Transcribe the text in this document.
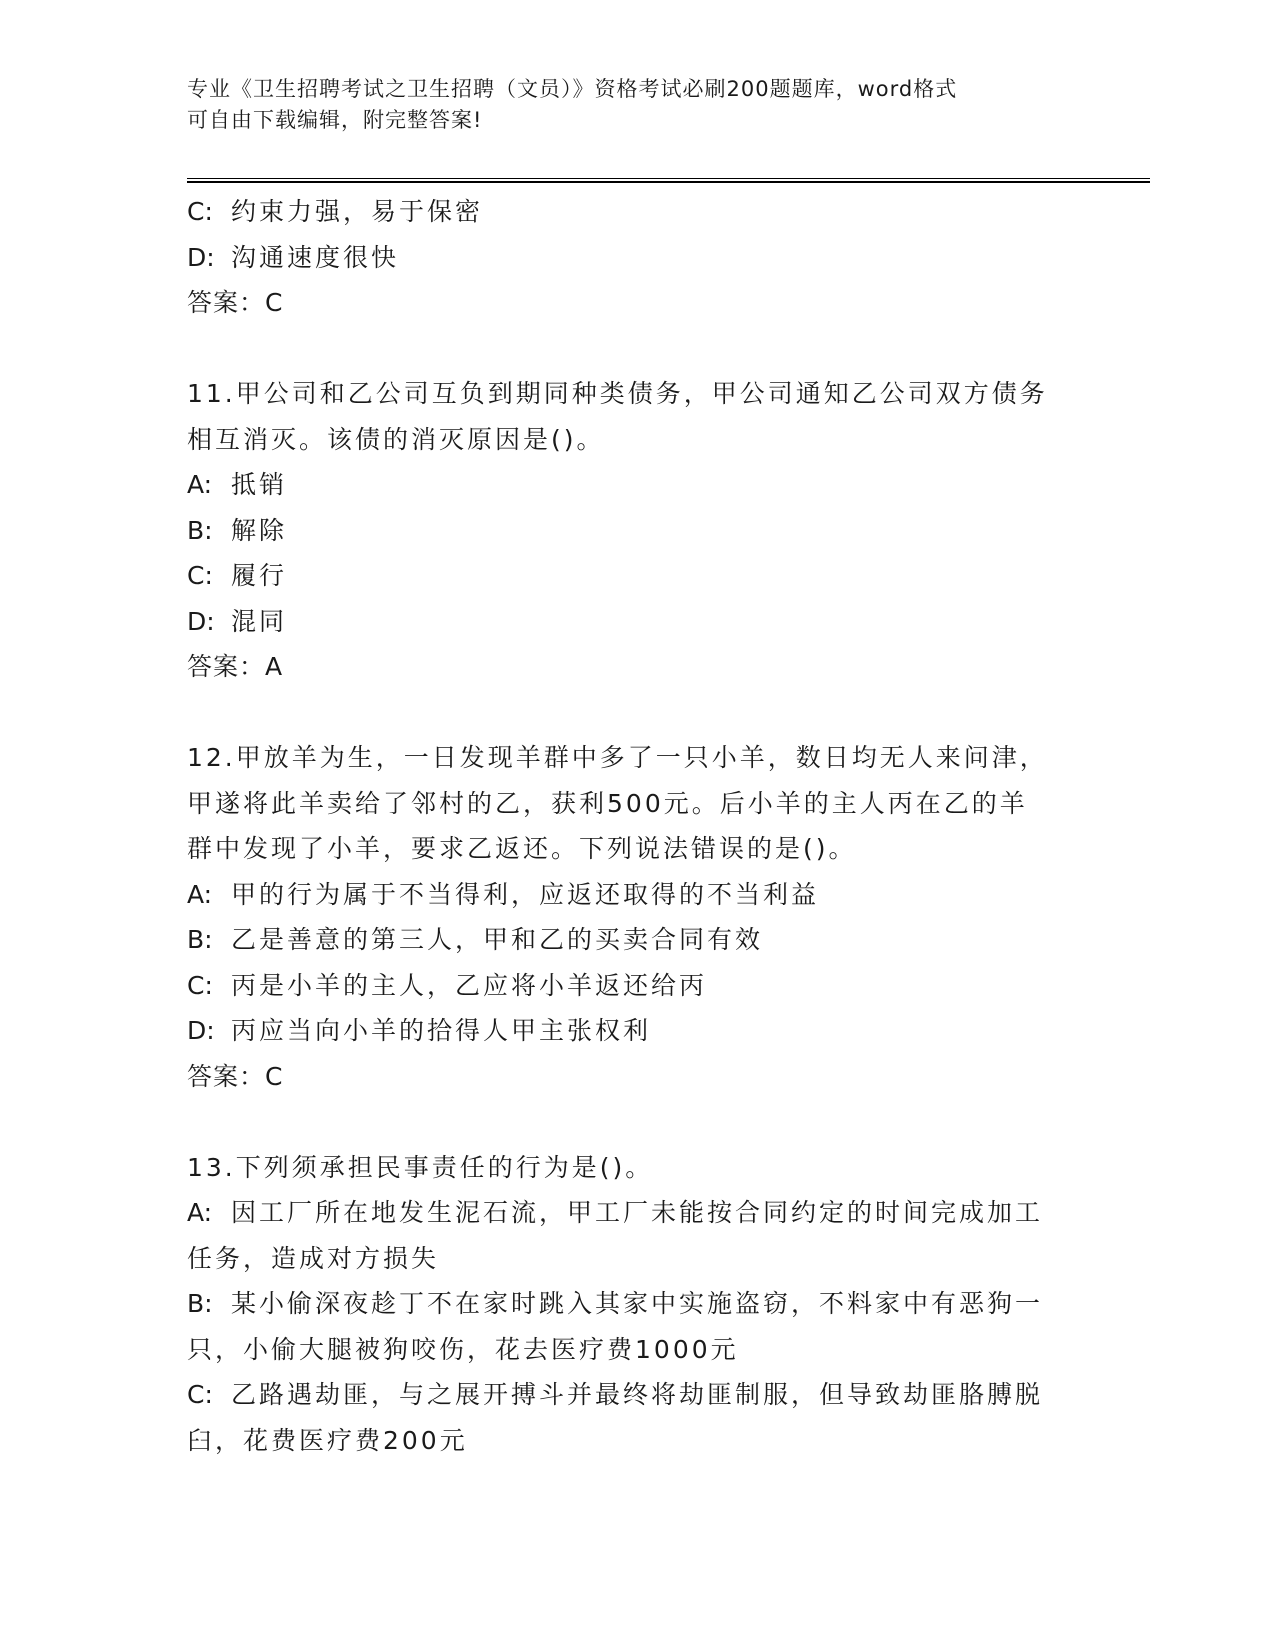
专业《卫生招聘考试之卫生招聘（文员）》资格考试必刷200题题库，word格式
可自由下载编辑，附完整答案!
C: 约束力强，易于保密
D: 沟通速度很快
答案：C
11.甲公司和乙公司互负到期同种类债务，甲公司通知乙公司双方债务
相互消灭。该债的消灭原因是()。
A: 抵销
B: 解除
C: 履行
D: 混同
答案：A
12.甲放羊为生，一日发现羊群中多了一只小羊，数日均无人来问津，
甲遂将此羊卖给了邻村的乙，获利500元。后小羊的主人丙在乙的羊
群中发现了小羊，要求乙返还。下列说法错误的是()。
A: 甲的行为属于不当得利，应返还取得的不当利益
B: 乙是善意的第三人，甲和乙的买卖合同有效
C: 丙是小羊的主人，乙应将小羊返还给丙
D: 丙应当向小羊的拾得人甲主张权利
答案：C
13.下列须承担民事责任的行为是()。
A: 因工厂所在地发生泥石流，甲工厂未能按合同约定的时间完成加工
任务，造成对方损失
B: 某小偷深夜趁丁不在家时跳入其家中实施盗窃，不料家中有恶狗一
只，小偷大腿被狗咬伤，花去医疗费1000元
C: 乙路遇劫匪，与之展开搏斗并最终将劫匪制服，但导致劫匪胳膊脱
臼，花费医疗费200元
